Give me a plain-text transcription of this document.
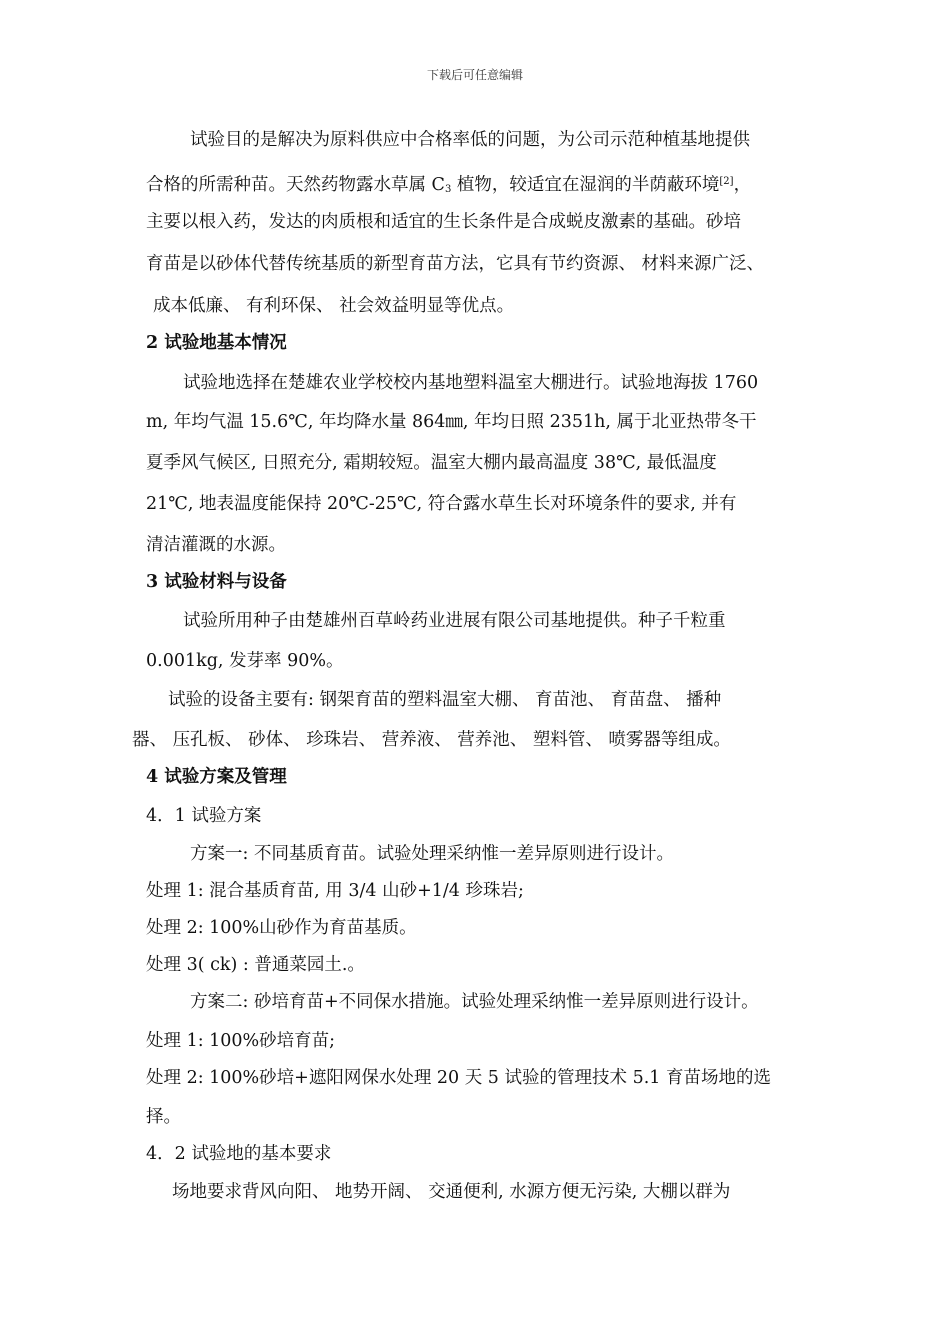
下载后可任意编辑
试验目的是解决为原料供应中合格率低的问题，为公司示范种植基地提供
合格的所需种苗。天然药物露水草属 $C_3$ 植物，较适宜在湿润的半荫蔽环境[2]，
主要以根入药，发达的肉质根和适宜的生长条件是合成蜕皮激素的基础。砂培
育苗是以砂体代替传统基质的新型育苗方法，它具有节约资源、 材料来源广泛、
成本低廉、 有利环保、 社会效益明显等优点。
2 试验地基本情况
试验地选择在楚雄农业学校校内基地塑料温室大棚进行。试验地海拔 1760
m, 年均气温 15.6℃, 年均降水量 864㎜, 年均日照 2351h, 属于北亚热带冬干
夏季风气候区, 日照充分, 霜期较短。温室大棚内最高温度 38℃, 最低温度
21℃, 地表温度能保持 20℃-25℃, 符合露水草生长对环境条件的要求, 并有
清洁灌溉的水源。
3 试验材料与设备
试验所用种子由楚雄州百草岭药业进展有限公司基地提供。种子千粒重
0.001kg, 发芽率 90%。
试验的设备主要有: 钢架育苗的塑料温室大棚、 育苗池、 育苗盘、 播种
器、 压孔板、 砂体、 珍珠岩、 营养液、 营养池、 塑料管、 喷雾器等组成。
4 试验方案及管理
4．1 试验方案
方案一: 不同基质育苗。试验处理采纳惟一差异原则进行设计。
处理 1: 混合基质育苗, 用 3/4 山砂+1/4 珍珠岩;
处理 2: 100%山砂作为育苗基质。
处理 3( ck) : 普通菜园土.。
方案二: 砂培育苗+不同保水措施。试验处理采纳惟一差异原则进行设计。
处理 1: 100%砂培育苗;
处理 2: 100%砂培+遮阳网保水处理 20 天 5 试验的管理技术 5.1 育苗场地的选
择。
4．2 试验地的基本要求
场地要求背风向阳、 地势开阔、 交通便利, 水源方便无污染, 大棚以群为
